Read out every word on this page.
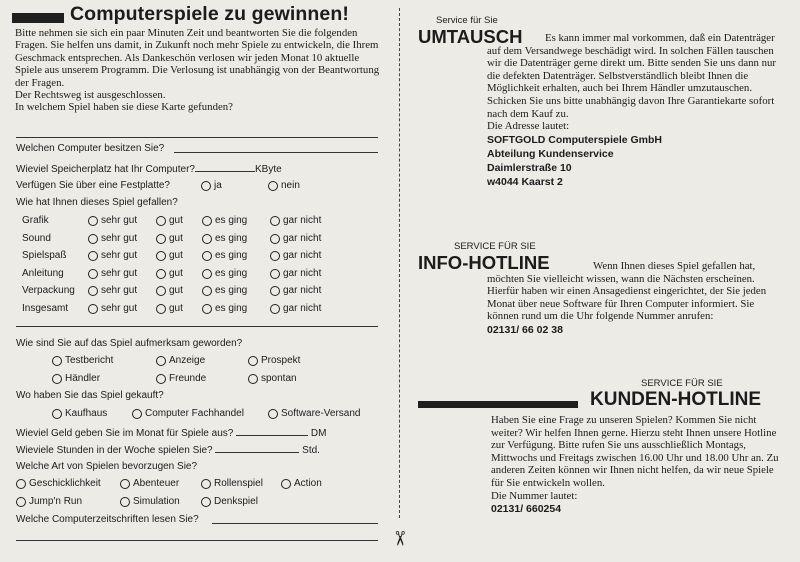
Computerspiele zu gewinnen!
Bitte nehmen sie sich ein paar Minuten Zeit und beantworten Sie die folgenden Fragen. Sie helfen uns damit, in Zukunft noch mehr Spiele zu entwickeln, die Ihrem Geschmack entsprechen. Als Dankeschön verlosen wir jeden Monat 10 aktuelle Spiele aus unserem Programm. Die Verlosung ist unabhängig von der Beantwortung der Fragen.
Der Rechtsweg ist ausgeschlossen.
In welchem Spiel haben sie diese Karte gefunden?
Welchen Computer besitzen Sie?
Wieviel Speicherplatz hat Ihr Computer?	KByte
Verfügen Sie über eine Festplatte?	ja	nein
Wie hat Ihnen dieses Spiel gefallen?
Grafik	sehr gut	gut	es ging	gar nicht
Sound	sehr gut	gut	es ging	gar nicht
Spielspaß	sehr gut	gut	es ging	gar nicht
Anleitung	sehr gut	gut	es ging	gar nicht
Verpackung	sehr gut	gut	es ging	gar nicht
Insgesamt	sehr gut	gut	es ging	gar nicht
Wie sind Sie auf das Spiel aufmerksam geworden?
Testbericht	Anzeige	Prospekt
Händler	Freunde	spontan
Wo haben Sie das Spiel gekauft?
Kaufhaus	Computer Fachhandel	Software-Versand
Wieviel Geld geben Sie im Monat für Spiele aus?	DM
Wieviele Stunden in der Woche spielen Sie?	Std.
Welche Art von Spielen bevorzugen Sie?
Geschicklichkeit	Abenteuer	Rollenspiel	Action
Jump'n Run	Simulation	Denkspiel
Welche Computerzeitschriften lesen Sie?
✂
Service für Sie
UMTAUSCH	Es kann immer mal vorkommen, daß ein Datenträger auf dem Versandwege beschädigt wird. In solchen Fällen tauschen wir die Datenträger gerne direkt um. Bitte senden Sie uns dann nur die defekten Datenträger. Selbstverständlich bleibt Ihnen die Möglichkeit erhalten, auch bei Ihrem Händler umzutauschen. Schicken Sie uns bitte unabhängig davon Ihre Garantiekarte sofort nach dem Kauf zu.
Die Adresse lautet:
SOFTGOLD Computerspiele GmbH
Abteilung Kundenservice
Daimlerstraße 10
w4044 Kaarst 2
SERVICE FÜR SIE
INFO-HOTLINE	Wenn Ihnen dieses Spiel gefallen hat, möchten Sie vielleicht wissen, wann die Nächsten erscheinen. Hierfür haben wir einen Ansagedienst eingerichtet, der Sie jeden Monat über neue Software für Ihren Computer informiert. Sie können rund um die Uhr folgende Nummer anrufen:
02131/ 66 02 38
SERVICE FÜR SIE
KUNDEN-HOTLINE
Haben Sie eine Frage zu unseren Spielen? Kommen Sie nicht weiter? Wir helfen Ihnen gerne. Hierzu steht Ihnen unsere Hotline zur Verfügung. Bitte rufen Sie uns ausschließlich Montags, Mittwochs und Freitags zwischen 16.00 Uhr und 18.00 Uhr an. Zu anderen Zeiten können wir Ihnen nicht helfen, da wir neue Spiele für Sie entwickeln wollen.
Die Nummer lautet:
02131/ 660254
